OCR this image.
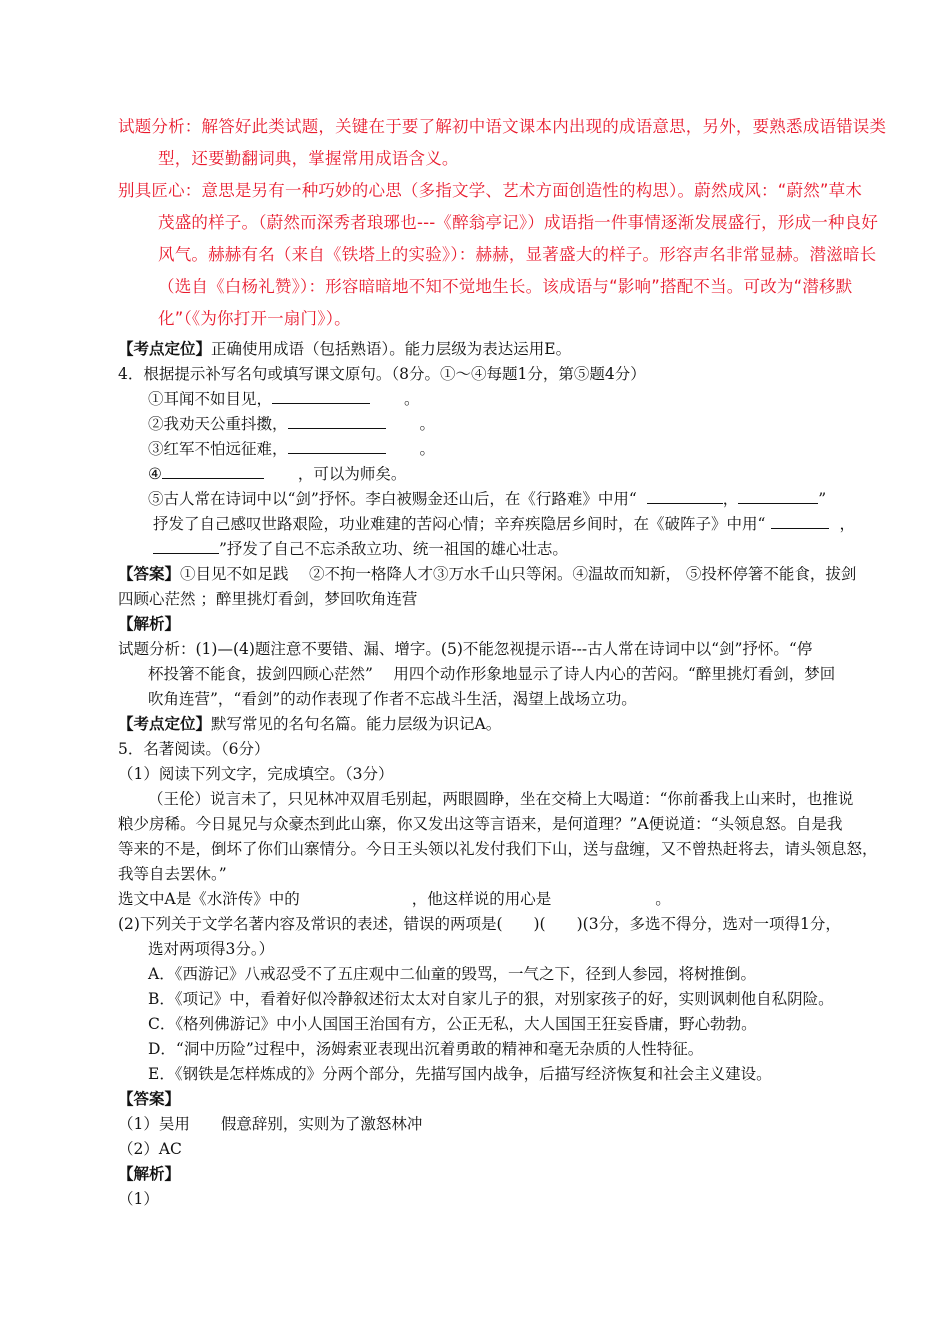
试题分析：解答好此类试题，关键在于要了解初中语文课本内出现的成语意思，另外，要熟悉成语错误类
型，还要勤翻词典，掌握常用成语含义。
别具匠心：意思是另有一种巧妙的心思（多指文学、艺术方面创造性的构思）。蔚然成风：“蔚然”草木
茂盛的样子。（蔚然而深秀者琅琊也---《醉翁亭记》）成语指一件事情逐渐发展盛行，形成一种良好
风气。赫赫有名（来自《铁塔上的实验》）：赫赫，显著盛大的样子。形容声名非常显赫。潜滋暗长
（选自《白杨礼赞》）：形容暗暗地不知不觉地生长。该成语与“影响”搭配不当。可改为“潜移默
化”（《为你打开一扇门》）。
【考点定位】正确使用成语（包括熟语）。能力层级为表达运用E。
4．根据提示补写名句或填写课文原句。（8分。①～④每题1分，第⑤题4分）
①耳闻不如目见，	。
②我劝天公重抖擞，	。
③红军不怕远征难，	。
④	，可以为师矣。
⑤古人常在诗词中以“剑”抒怀。李白被赐金还山后，在《行路难》中用“	，	”
抒发了自己感叹世路艰险，功业难建的苦闷心情；辛弃疾隐居乡间时，在《破阵子》中用“	，
”抒发了自己不忘杀敌立功、统一祖国的雄心壮志。
【答案】①目见不如足践　 ②不拘一格降人才③万水千山只等闲。④温故而知新， ⑤投杯停箸不能食，拔剑
四顾心茫然 ；醉里挑灯看剑，梦回吹角连营
【解析】
试题分析：(1)—(4)题注意不要错、漏、增字。(5)不能忽视提示语---古人常在诗词中以“剑”抒怀。“停
杯投箸不能食，拔剑四顾心茫然”　 用四个动作形象地显示了诗人内心的苦闷。“醉里挑灯看剑，梦回
吹角连营”，“看剑”的动作表现了作者不忘战斗生活，渴望上战场立功。
【考点定位】默写常见的名句名篇。能力层级为识记A。
5．名著阅读。（6分）
（1）阅读下列文字，完成填空。（3分）
（王伦）说言未了，只见林冲双眉毛别起，两眼圆睁，坐在交椅上大喝道：“你前番我上山来时，也推说
粮少房稀。今日晁兄与众豪杰到此山寨，你又发出这等言语来，是何道理？”A便说道：“头领息怒。自是我
等来的不是，倒坏了你们山寨情分。今日王头领以礼发付我们下山，送与盘缠，又不曾热赶将去，请头领息怒，
我等自去罢休。”
选文中A是《水浒传》中的	，他这样说的用心是	。
(2)下列关于文学名著内容及常识的表述，错误的两项是(　　)(　　)(3分，多选不得分，选对一项得1分，
选对两项得3分。）
A．《西游记》八戒忍受不了五庄观中二仙童的毁骂，一气之下，径到人参园，将树推倒。
B．《项记》中，看着好似冷静叙述衍太太对自家儿子的狠，对别家孩子的好，实则讽刺他自私阴险。
C．《格列佛游记》中小人国国王治国有方，公正无私，大人国国王狂妄昏庸，野心勃勃。
D．“洞中历险”过程中，汤姆索亚表现出沉着勇敢的精神和毫无杂质的人性特征。
E．《钢铁是怎样炼成的》分两个部分，先描写国内战争，后描写经济恢复和社会主义建设。
【答案】
（1）吴用　　假意辞别，实则为了激怒林冲
（2）AC
【解析】
（1）
